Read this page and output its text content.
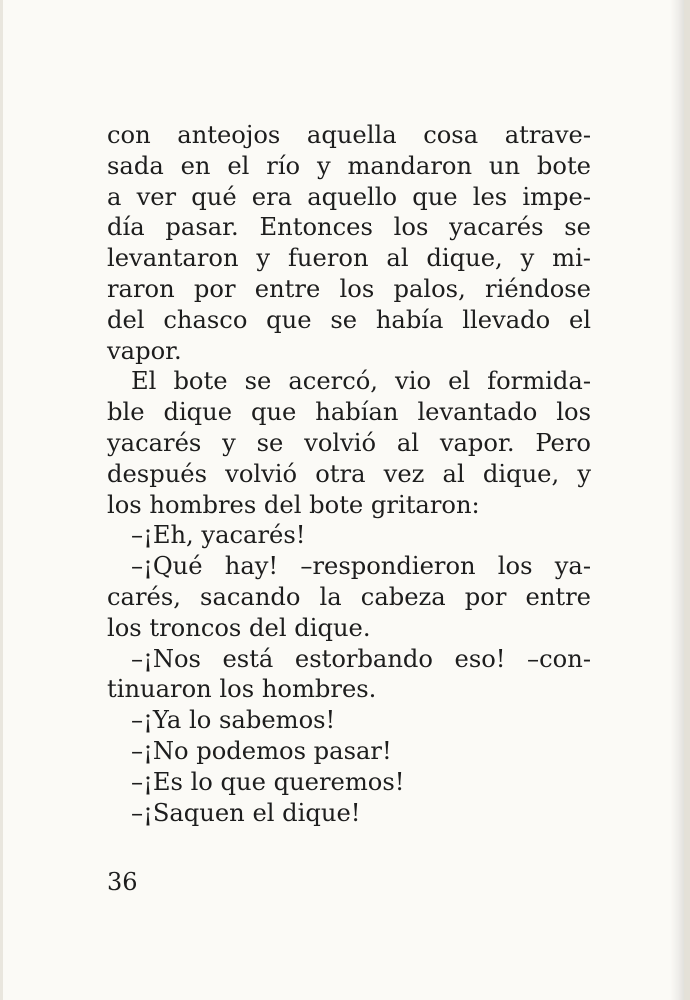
con anteojos aquella cosa atrave-
sada en el río y mandaron un bote
a ver qué era aquello que les impe-
día pasar. Entonces los yacarés se
levantaron y fueron al dique, y mi-
raron por entre los palos, riéndose
del chasco que se había llevado el
vapor.
El bote se acercó, vio el formida-
ble dique que habían levantado los
yacarés y se volvió al vapor. Pero
después volvió otra vez al dique, y
los hombres del bote gritaron:
–¡Eh, yacarés!
–¡Qué hay! –respondieron los ya-
carés, sacando la cabeza por entre
los troncos del dique.
–¡Nos está estorbando eso! –con-
tinuaron los hombres.
–¡Ya lo sabemos!
–¡No podemos pasar!
–¡Es lo que queremos!
–¡Saquen el dique!
36
